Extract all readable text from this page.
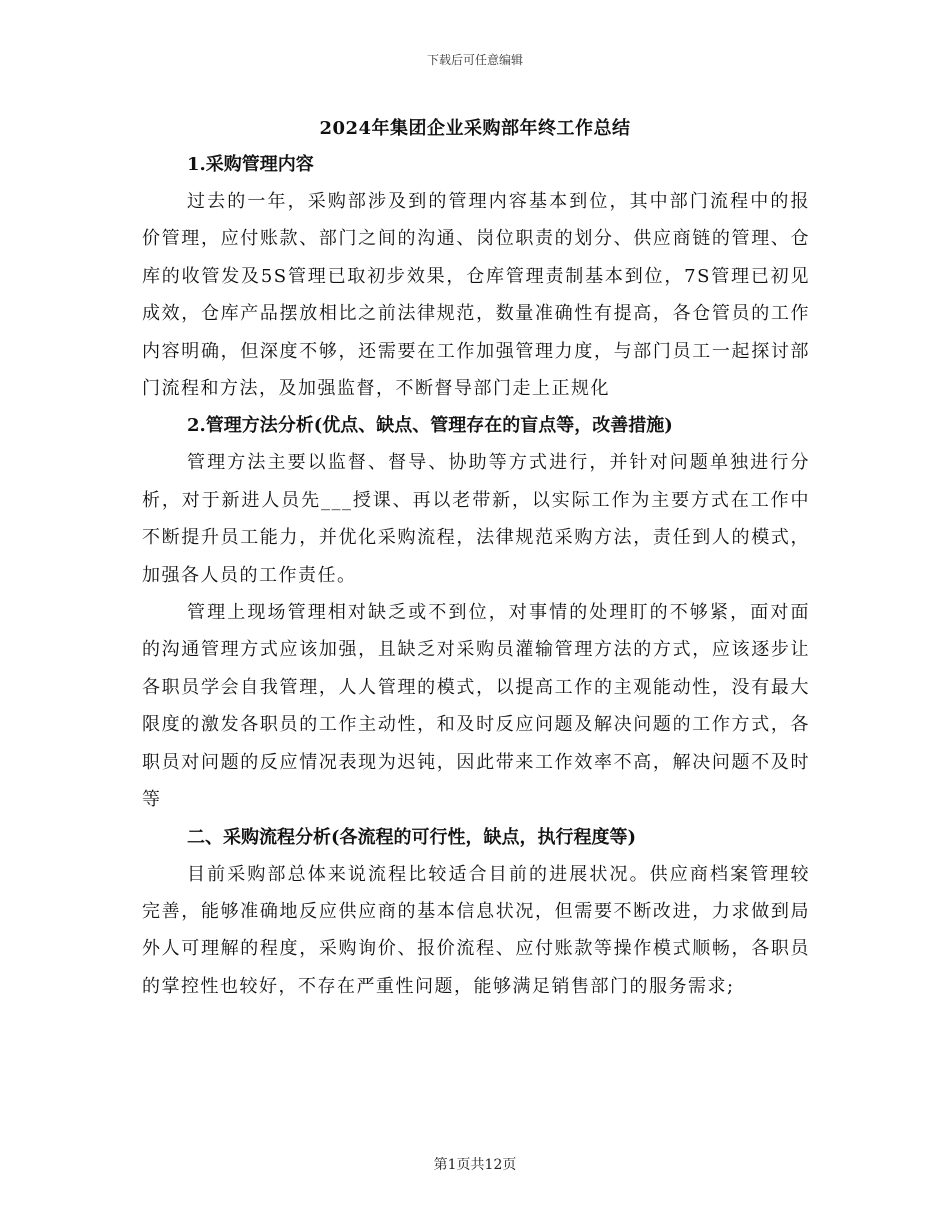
下载后可任意编辑
2024年集团企业采购部年终工作总结
1.采购管理内容

过去的一年，采购部涉及到的管理内容基本到位，其中部门流程中的报价管理，应付账款、部门之间的沟通、岗位职责的划分、供应商链的管理、仓库的收管发及5S管理已取初步效果，仓库管理责制基本到位，7S管理已初见成效，仓库产品摆放相比之前法律规范，数量准确性有提高，各仓管员的工作内容明确，但深度不够，还需要在工作加强管理力度，与部门员工一起探讨部门流程和方法，及加强监督，不断督导部门走上正规化

2.管理方法分析(优点、缺点、管理存在的盲点等，改善措施)

管理方法主要以监督、督导、协助等方式进行，并针对问题单独进行分析，对于新进人员先___授课、再以老带新，以实际工作为主要方式在工作中不断提升员工能力，并优化采购流程，法律规范采购方法，责任到人的模式，加强各人员的工作责任。

管理上现场管理相对缺乏或不到位，对事情的处理盯的不够紧，面对面的沟通管理方式应该加强，且缺乏对采购员灌输管理方法的方式，应该逐步让各职员学会自我管理，人人管理的模式，以提高工作的主观能动性，没有最大限度的激发各职员的工作主动性，和及时反应问题及解决问题的工作方式，各职员对问题的反应情况表现为迟钝，因此带来工作效率不高，解决问题不及时等

二、采购流程分析(各流程的可行性，缺点，执行程度等)

目前采购部总体来说流程比较适合目前的进展状况。供应商档案管理较完善，能够准确地反应供应商的基本信息状况，但需要不断改进，力求做到局外人可理解的程度，采购询价、报价流程、应付账款等操作模式顺畅，各职员的掌控性也较好，不存在严重性问题，能够满足销售部门的服务需求;

第1页共12页
